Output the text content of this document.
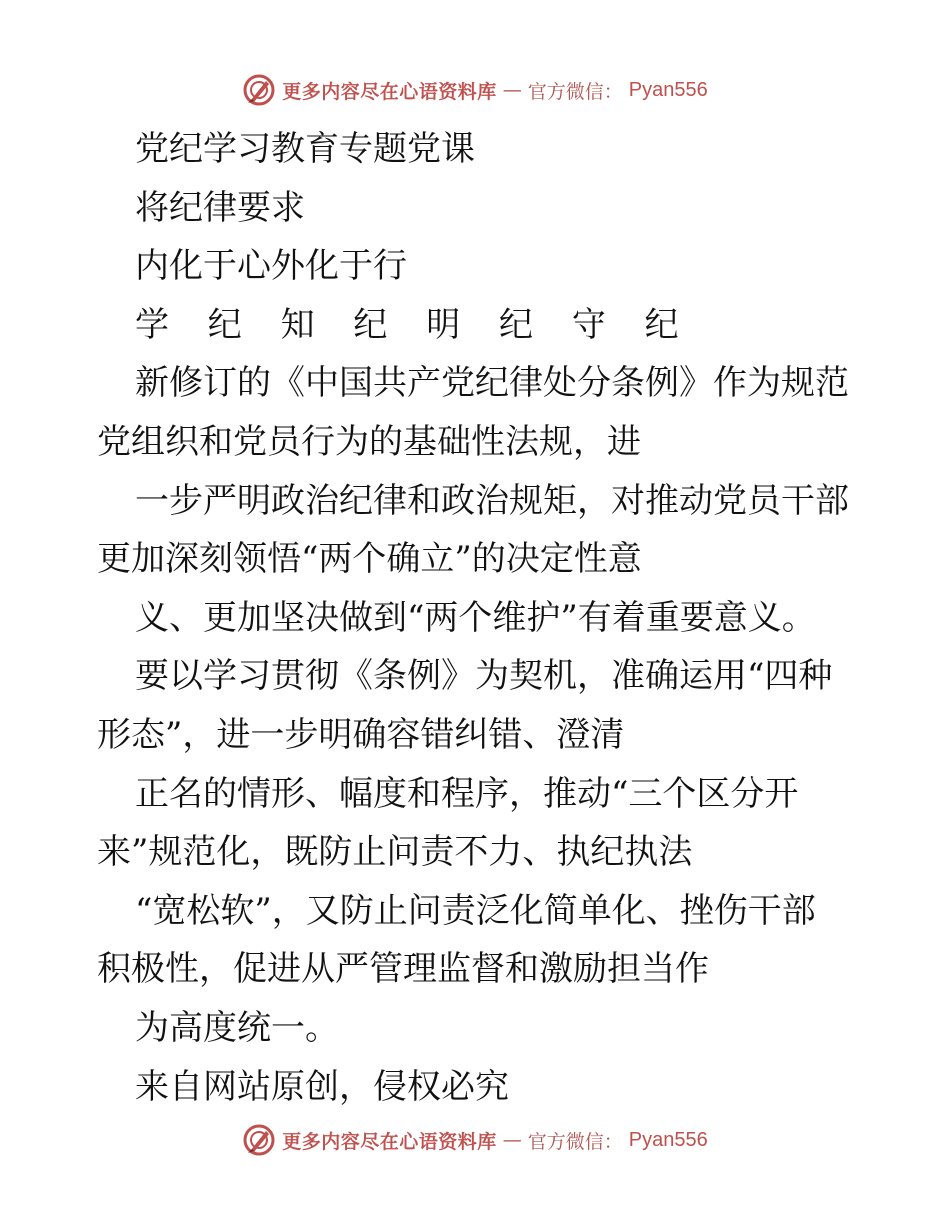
更多内容尽在心语资料库 — 官方微信： Pyan556
党纪学习教育专题党课
将纪律要求
内化于心外化于行
学 纪 知 纪 明 纪 守 纪
新修订的《中国共产党纪律处分条例》作为规范
党组织和党员行为的基础性法规，进
一步严明政治纪律和政治规矩，对推动党员干部
更加深刻领悟“两个确立”的决定性意
义、更加坚决做到“两个维护”有着重要意义。
要以学习贯彻《条例》为契机，准确运用“四种
形态”，进一步明确容错纠错、澄清
正名的情形、幅度和程序，推动“三个区分开
来”规范化，既防止问责不力、执纪执法
“宽松软”，又防止问责泛化简单化、挫伤干部
积极性，促进从严管理监督和激励担当作
为高度统一。
来自网站原创，侵权必究
更多内容尽在心语资料库 — 官方微信： Pyan556
